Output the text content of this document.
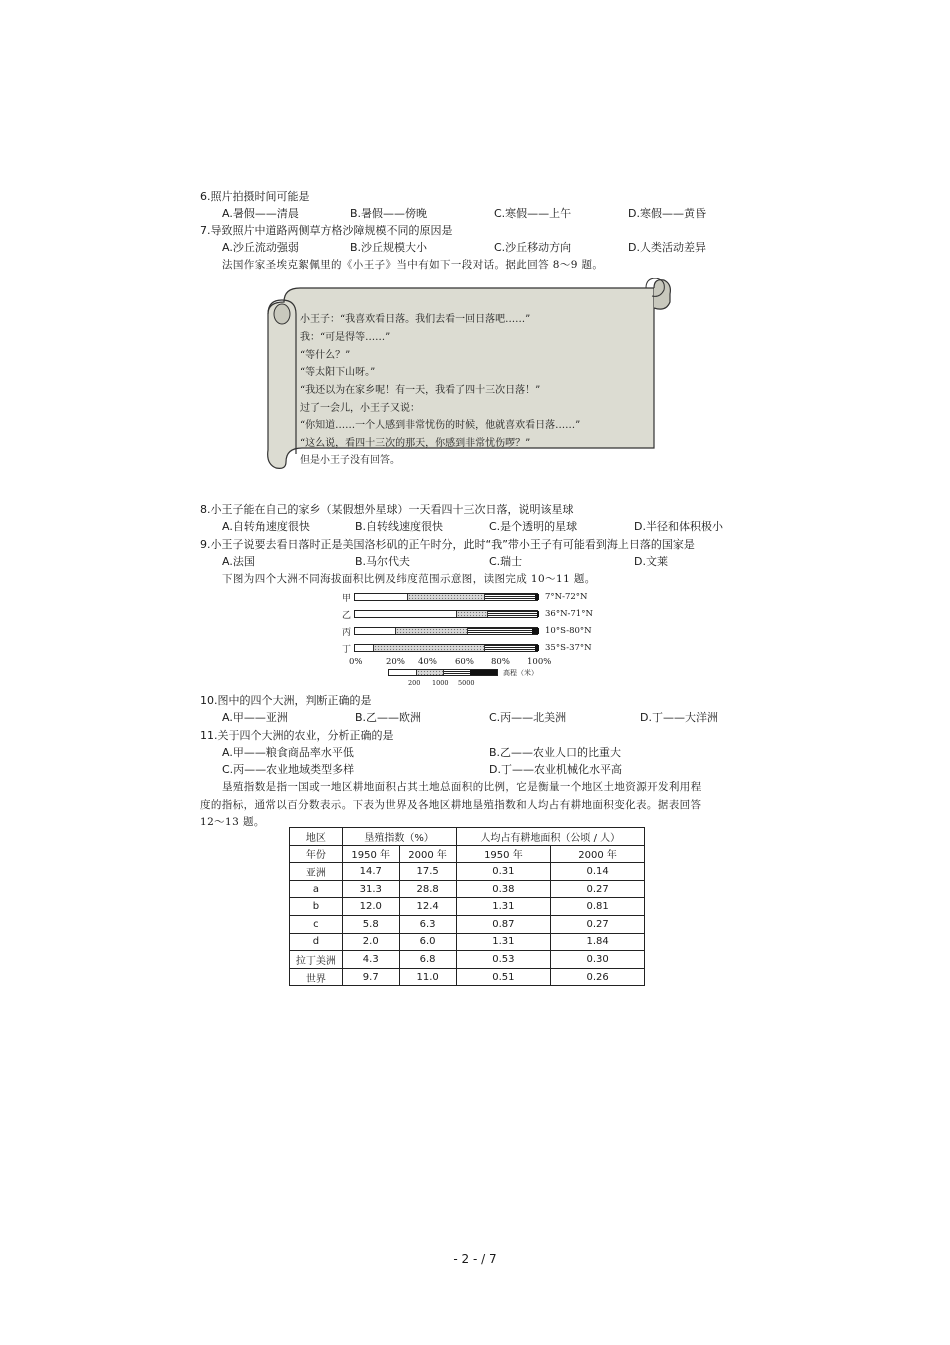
6.照片拍摄时间可能是
A.暑假——清晨	B.暑假——傍晚	C.寒假——上午	D.寒假——黄昏
7.导致照片中道路两侧草方格沙障规模不同的原因是
A.沙丘流动强弱	B.沙丘规模大小	C.沙丘移动方向	D.人类活动差异
法国作家圣埃克絮佩里的《小王子》当中有如下一段对话。据此回答 8～9 题。
小王子：“我喜欢看日落。我们去看一回日落吧……”
我：“可是得等……”
“等什么？”
“等太阳下山呀。”
“我还以为在家乡呢！有一天，我看了四十三次日落！”
过了一会儿，小王子又说：
“你知道……一个人感到非常忧伤的时候，他就喜欢看日落……”
“这么说，看四十三次的那天，你感到非常忧伤啰？”
但是小王子没有回答。
8.小王子能在自己的家乡（某假想外星球）一天看四十三次日落，说明该星球
A.自转角速度很快	B.自转线速度很快	C.是个透明的星球	D.半径和体积极小
9.小王子说要去看日落时正是美国洛杉矶的正午时分，此时“我”带小王子有可能看到海上日落的国家是
A.法国	B.马尔代夫	C.瑞士	D.文莱
下图为四个大洲不同海拔面积比例及纬度范围示意图，读图完成 10～11 题。
甲	7°N-72°N
乙	36°N-71°N
丙	10°S-80°N
丁	35°S-37°N
0%	20% 40% 60% 80% 100%
200 1000 5000
高程（米）
10.图中的四个大洲，判断正确的是
A.甲——亚洲	B.乙——欧洲	C.丙——北美洲	D.丁——大洋洲
11.关于四个大洲的农业，分析正确的是
A.甲——粮食商品率水平低	B.乙——农业人口的比重大
C.丙——农业地域类型多样	D.丁——农业机械化水平高
垦殖指数是指一国或一地区耕地面积占其土地总面积的比例，它是衡量一个地区土地资源开发利用程
度的指标，通常以百分数表示。下表为世界及各地区耕地垦殖指数和人均占有耕地面积变化表。据表回答
12～13 题。
地区	垦殖指数（%）		人均占有耕地面积（公顷 / 人）	
年份	1950 年	2000 年	1950 年	2000 年
亚洲	14.7	17.5	0.31	0.14
a	31.3	28.8	0.38	0.27
b	12.0	12.4	1.31	0.81
c	5.8	6.3	0.87	0.27
d	2.0	6.0	1.31	1.84
拉丁美洲	4.3	6.8	0.53	0.30
世界	9.7	11.0	0.51	0.26
- 2 - / 7
